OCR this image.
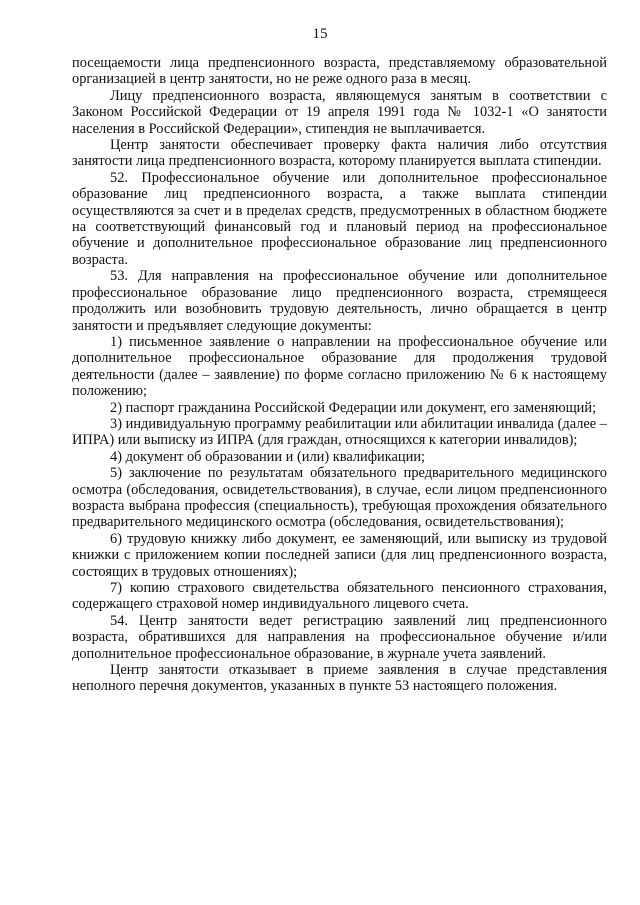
15

посещаемости лица предпенсионного возраста, представляемому образовательной организацией в центр занятости, но не реже одного раза в месяц.

Лицу предпенсионного возраста, являющемуся занятым в соответствии с Законом Российской Федерации от 19 апреля 1991 года № 1032-1 «О занятости населения в Российской Федерации», стипендия не выплачивается.

Центр занятости обеспечивает проверку факта наличия либо отсутствия занятости лица предпенсионного возраста, которому планируется выплата стипендии.

52. Профессиональное обучение или дополнительное профессиональное образование лиц предпенсионного возраста, а также выплата стипендии осуществляются за счет и в пределах средств, предусмотренных в областном бюджете на соответствующий финансовый год и плановый период на профессиональное обучение и дополнительное профессиональное образование лиц предпенсионного возраста.

53. Для направления на профессиональное обучение или дополнительное профессиональное образование лицо предпенсионного возраста, стремящееся продолжить или возобновить трудовую деятельность, лично обращается в центр занятости и предъявляет следующие документы:

1) письменное заявление о направлении на профессиональное обучение или дополнительное профессиональное образование для продолжения трудовой деятельности (далее – заявление) по форме согласно приложению № 6 к настоящему положению;

2) паспорт гражданина Российской Федерации или документ, его заменяющий;

3) индивидуальную программу реабилитации или абилитации инвалида (далее – ИПРА) или выписку из ИПРА (для граждан, относящихся к категории инвалидов);

4) документ об образовании и (или) квалификации;

5) заключение по результатам обязательного предварительного медицинского осмотра (обследования, освидетельствования), в случае, если лицом предпенсионного возраста выбрана профессия (специальность), требующая прохождения обязательного предварительного медицинского осмотра (обследования, освидетельствования);

6) трудовую книжку либо документ, ее заменяющий, или выписку из трудовой книжки с приложением копии последней записи (для лиц предпенсионного возраста, состоящих в трудовых отношениях);

7) копию страхового свидетельства обязательного пенсионного страхования, содержащего страховой номер индивидуального лицевого счета.

54. Центр занятости ведет регистрацию заявлений лиц предпенсионного возраста, обратившихся для направления на профессиональное обучение и/или дополнительное профессиональное образование, в журнале учета заявлений.

Центр занятости отказывает в приеме заявления в случае представления неполного перечня документов, указанных в пункте 53 настоящего положения.
